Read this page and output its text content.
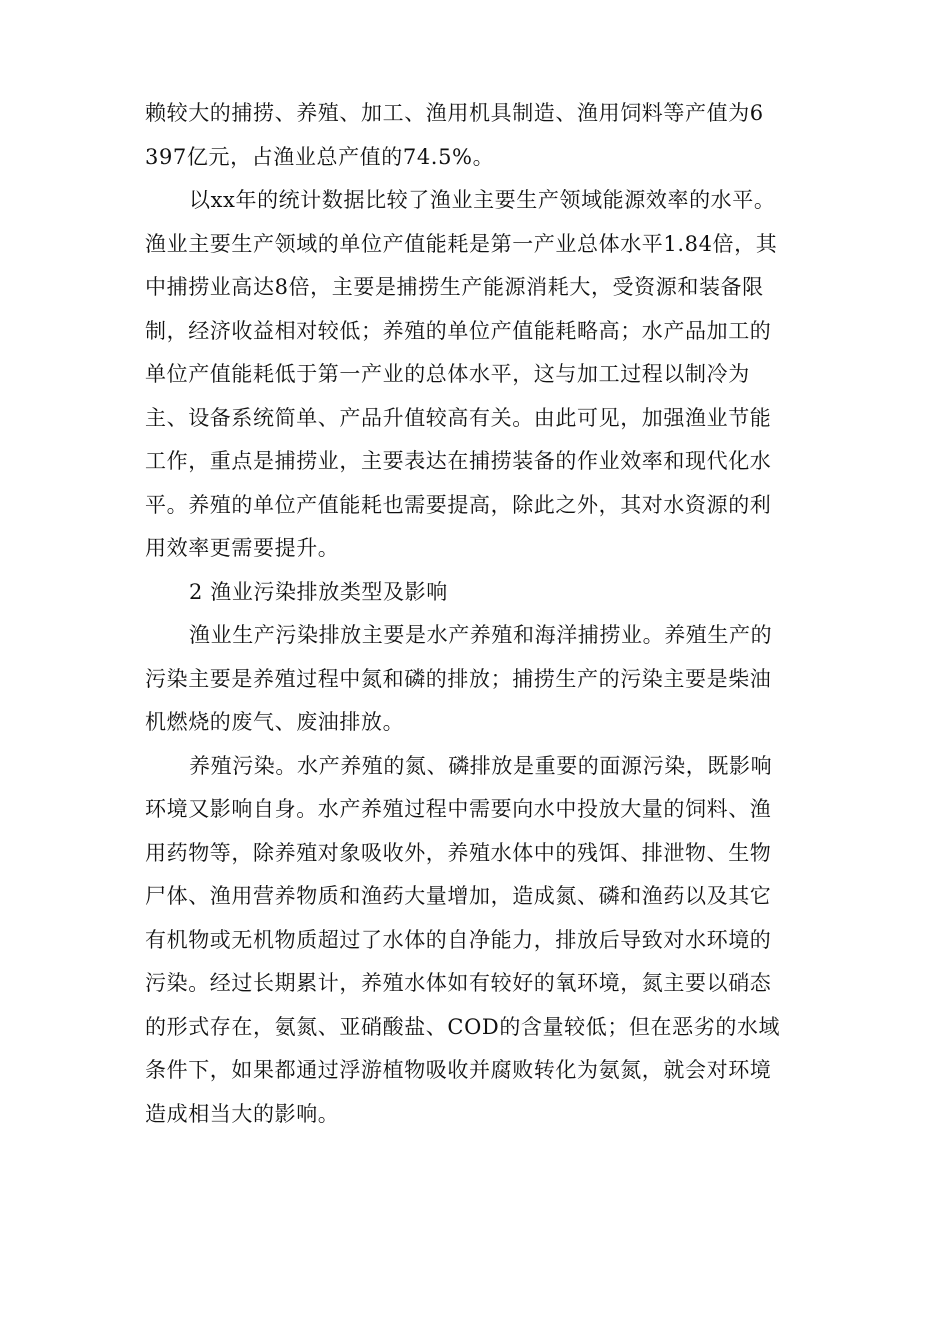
赖较大的捕捞、养殖、加工、渔用机具制造、渔用饲料等产值为6
397亿元，占渔业总产值的74.5%。
以xx年的统计数据比较了渔业主要生产领域能源效率的水平。
渔业主要生产领域的单位产值能耗是第一产业总体水平1.84倍，其
中捕捞业高达8倍，主要是捕捞生产能源消耗大，受资源和装备限
制，经济收益相对较低；养殖的单位产值能耗略高；水产品加工的
单位产值能耗低于第一产业的总体水平，这与加工过程以制冷为
主、设备系统简单、产品升值较高有关。由此可见，加强渔业节能
工作，重点是捕捞业，主要表达在捕捞装备的作业效率和现代化水
平。养殖的单位产值能耗也需要提高，除此之外，其对水资源的利
用效率更需要提升。
2 渔业污染排放类型及影响
渔业生产污染排放主要是水产养殖和海洋捕捞业。养殖生产的
污染主要是养殖过程中氮和磷的排放；捕捞生产的污染主要是柴油
机燃烧的废气、废油排放。
养殖污染。水产养殖的氮、磷排放是重要的面源污染，既影响
环境又影响自身。水产养殖过程中需要向水中投放大量的饲料、渔
用药物等，除养殖对象吸收外，养殖水体中的残饵、排泄物、生物
尸体、渔用营养物质和渔药大量增加，造成氮、磷和渔药以及其它
有机物或无机物质超过了水体的自净能力，排放后导致对水环境的
污染。经过长期累计，养殖水体如有较好的氧环境，氮主要以硝态
的形式存在，氨氮、亚硝酸盐、COD的含量较低；但在恶劣的水域
条件下，如果都通过浮游植物吸收并腐败转化为氨氮，就会对环境
造成相当大的影响。
